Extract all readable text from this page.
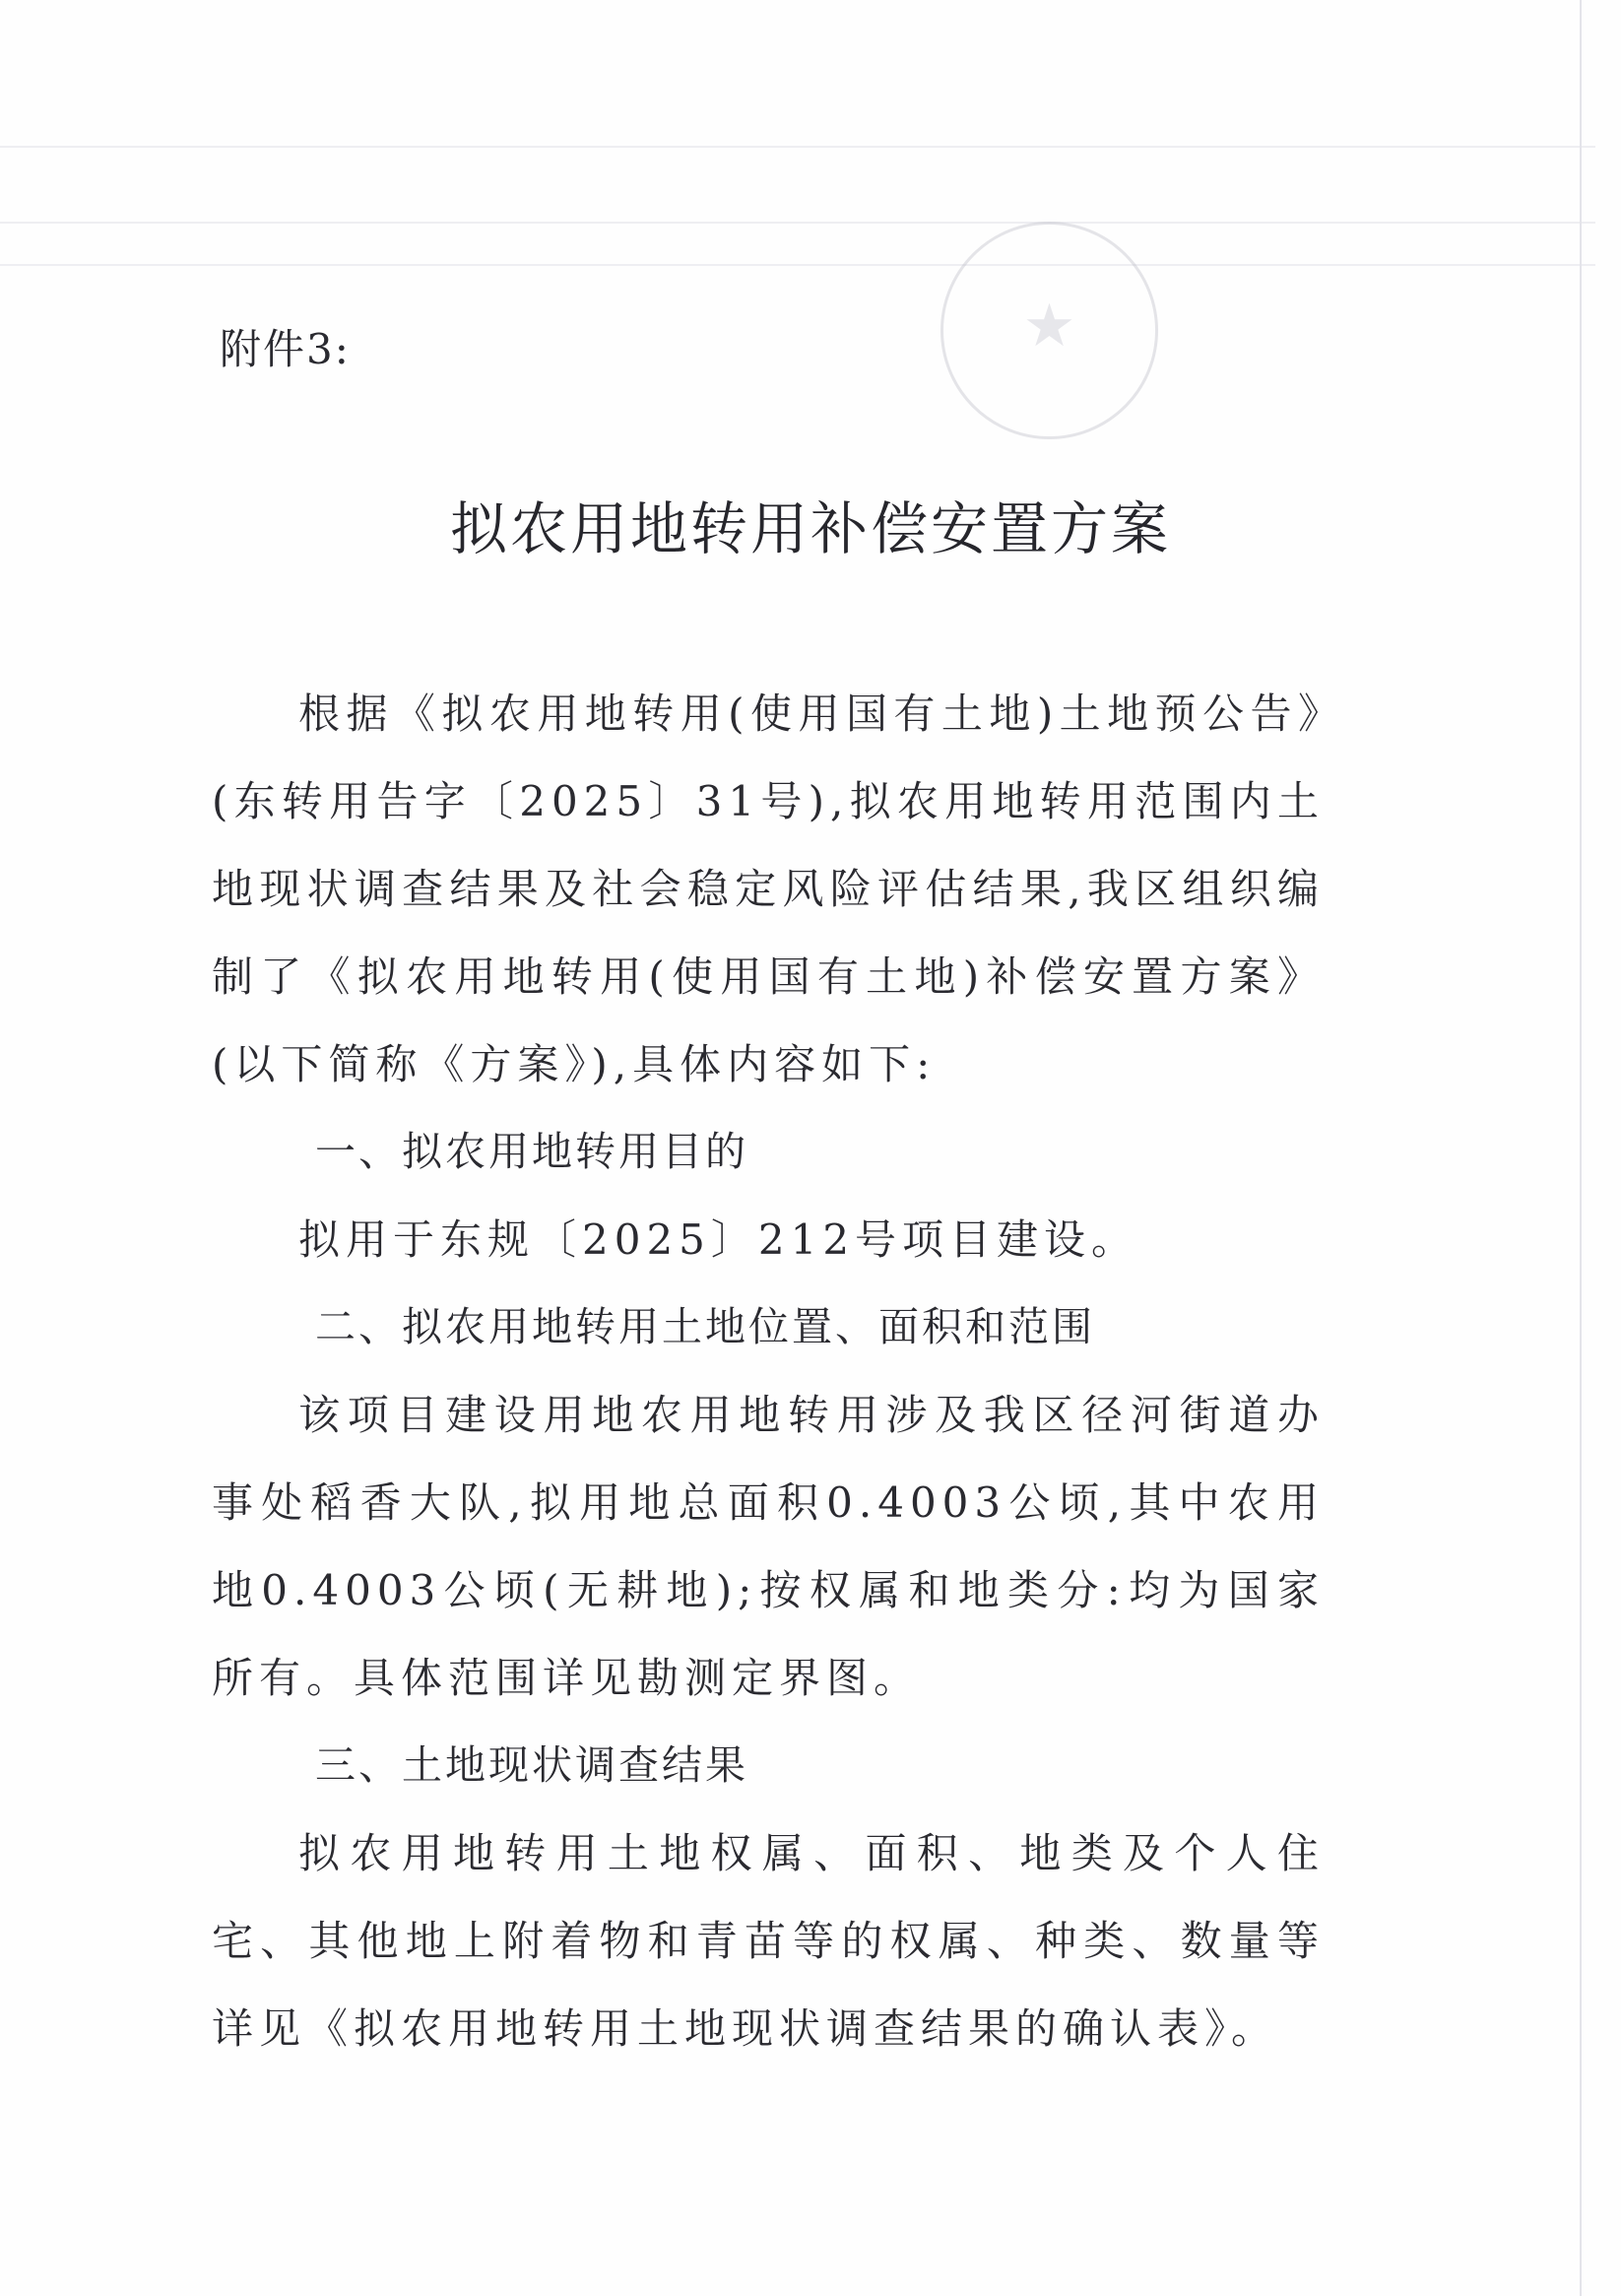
★
附件3:
拟农用地转用补偿安置方案

根据《拟农用地转用(使用国有土地)土地预公告》(东转用告字〔2025〕31号),拟农用地转用范围内土地现状调查结果及社会稳定风险评估结果,我区组织编制了《拟农用地转用(使用国有土地)补偿安置方案》(以下简称《方案》),具体内容如下:

一、拟农用地转用目的

拟用于东规〔2025〕212号项目建设。

二、拟农用地转用土地位置、面积和范围

该项目建设用地农用地转用涉及我区径河街道办事处稻香大队,拟用地总面积0.4003公顷,其中农用地0.4003公顷(无耕地);按权属和地类分:均为国家所有。具体范围详见勘测定界图。

三、土地现状调查结果

拟农用地转用土地权属、面积、地类及个人住宅、其他地上附着物和青苗等的权属、种类、数量等详见《拟农用地转用土地现状调查结果的确认表》。
